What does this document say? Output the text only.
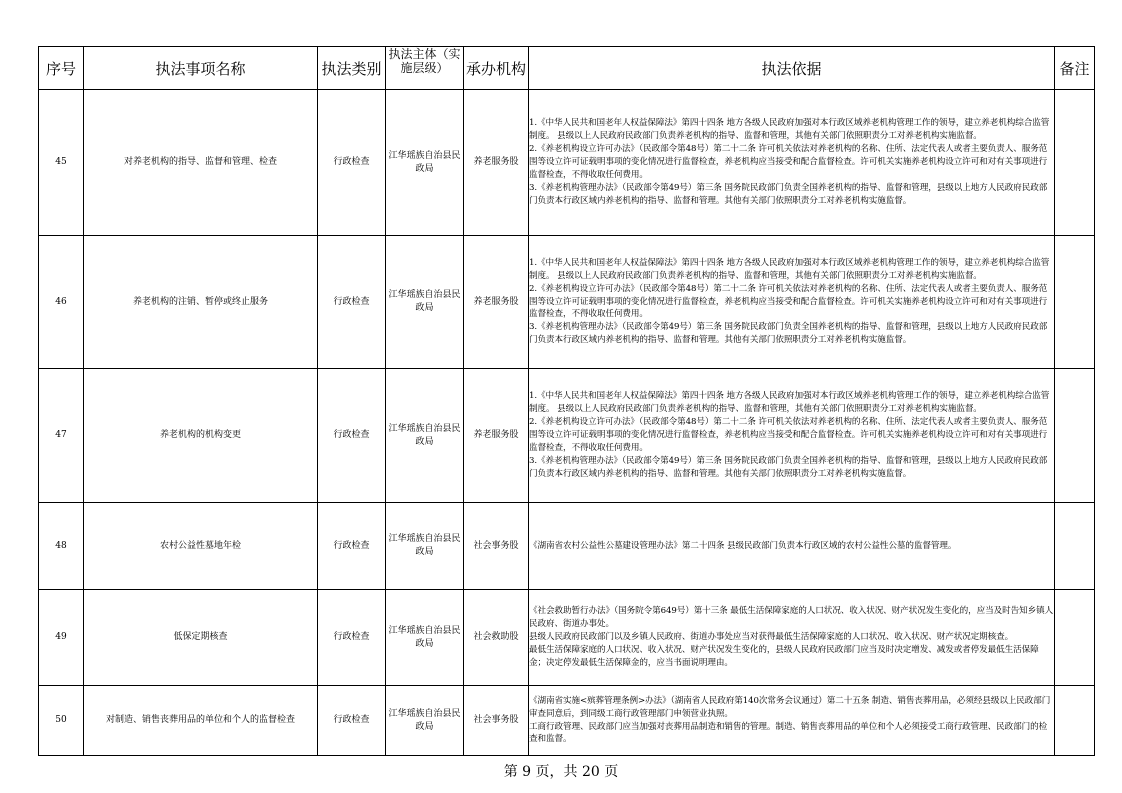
序号	执法事项名称	执法类别	执法主体（实施层级）	承办机构	执法依据	备注
45	对养老机构的指导、监督和管理、检查	行政检查	江华瑶族自治县民政局	养老服务股	1.《中华人民共和国老年人权益保障法》第四十四条 地方各级人民政府加强对本行政区域养老机构管理工作的领导，建立养老机构综合监管制度。 县级以上人民政府民政部门负责养老机构的指导、监督和管理，其他有关部门依照职责分工对养老机构实施监督。

2.《养老机构设立许可办法》（民政部令第48号）第二十二条 许可机关依法对养老机构的名称、住所、法定代表人或者主要负责人、服务范围等设立许可证载明事项的变化情况进行监督检查，养老机构应当接受和配合监督检查。许可机关实施养老机构设立许可和对有关事项进行监督检查，不得收取任何费用。

3.《养老机构管理办法》（民政部令第49号）第三条 国务院民政部门负责全国养老机构的指导、监督和管理，县级以上地方人民政府民政部门负责本行政区域内养老机构的指导、监督和管理。其他有关部门依照职责分工对养老机构实施监督。	

46	养老机构的注销、暂停或终止服务	行政检查	江华瑶族自治县民政局	养老服务股	1.《中华人民共和国老年人权益保障法》第四十四条 地方各级人民政府加强对本行政区域养老机构管理工作的领导，建立养老机构综合监管制度。 县级以上人民政府民政部门负责养老机构的指导、监督和管理，其他有关部门依照职责分工对养老机构实施监督。

2.《养老机构设立许可办法》（民政部令第48号）第二十二条 许可机关依法对养老机构的名称、住所、法定代表人或者主要负责人、服务范围等设立许可证载明事项的变化情况进行监督检查，养老机构应当接受和配合监督检查。许可机关实施养老机构设立许可和对有关事项进行监督检查，不得收取任何费用。

3.《养老机构管理办法》（民政部令第49号）第三条 国务院民政部门负责全国养老机构的指导、监督和管理，县级以上地方人民政府民政部门负责本行政区域内养老机构的指导、监督和管理。其他有关部门依照职责分工对养老机构实施监督。	

47	养老机构的机构变更	行政检查	江华瑶族自治县民政局	养老服务股	1.《中华人民共和国老年人权益保障法》第四十四条 地方各级人民政府加强对本行政区域养老机构管理工作的领导，建立养老机构综合监管制度。 县级以上人民政府民政部门负责养老机构的指导、监督和管理，其他有关部门依照职责分工对养老机构实施监督。

2.《养老机构设立许可办法》（民政部令第48号）第二十二条 许可机关依法对养老机构的名称、住所、法定代表人或者主要负责人、服务范围等设立许可证载明事项的变化情况进行监督检查，养老机构应当接受和配合监督检查。许可机关实施养老机构设立许可和对有关事项进行监督检查，不得收取任何费用。

3.《养老机构管理办法》（民政部令第49号）第三条 国务院民政部门负责全国养老机构的指导、监督和管理，县级以上地方人民政府民政部门负责本行政区域内养老机构的指导、监督和管理。其他有关部门依照职责分工对养老机构实施监督。	

48	农村公益性墓地年检	行政检查	江华瑶族自治县民政局	社会事务股	《湖南省农村公益性公墓建设管理办法》第二十四条 县级民政部门负责本行政区域的农村公益性公墓的监督管理。	

49	低保定期核查	行政检查	江华瑶族自治县民政局	社会救助股	《社会救助暂行办法》（国务院令第649号）第十三条 最低生活保障家庭的人口状况、收入状况、财产状况发生变化的，应当及时告知乡镇人民政府、街道办事处。

县级人民政府民政部门以及乡镇人民政府、街道办事处应当对获得最低生活保障家庭的人口状况、收入状况、财产状况定期核查。

最低生活保障家庭的人口状况、收入状况、财产状况发生变化的，县级人民政府民政部门应当及时决定增发、减发或者停发最低生活保障金；决定停发最低生活保障金的，应当书面说明理由。	

50	对制造、销售丧葬用品的单位和个人的监督检查	行政检查	江华瑶族自治县民政局	社会事务股	《湖南省实施<殡葬管理条例>办法》（湖南省人民政府第140次常务会议通过）第二十五条 制造、销售丧葬用品，必须经县级以上民政部门审查同意后，到同级工商行政管理部门申领营业执照。

工商行政管理、民政部门应当加强对丧葬用品制造和销售的管理。制造、销售丧葬用品的单位和个人必须接受工商行政管理、民政部门的检查和监督。	

第 9 页，共 20 页
